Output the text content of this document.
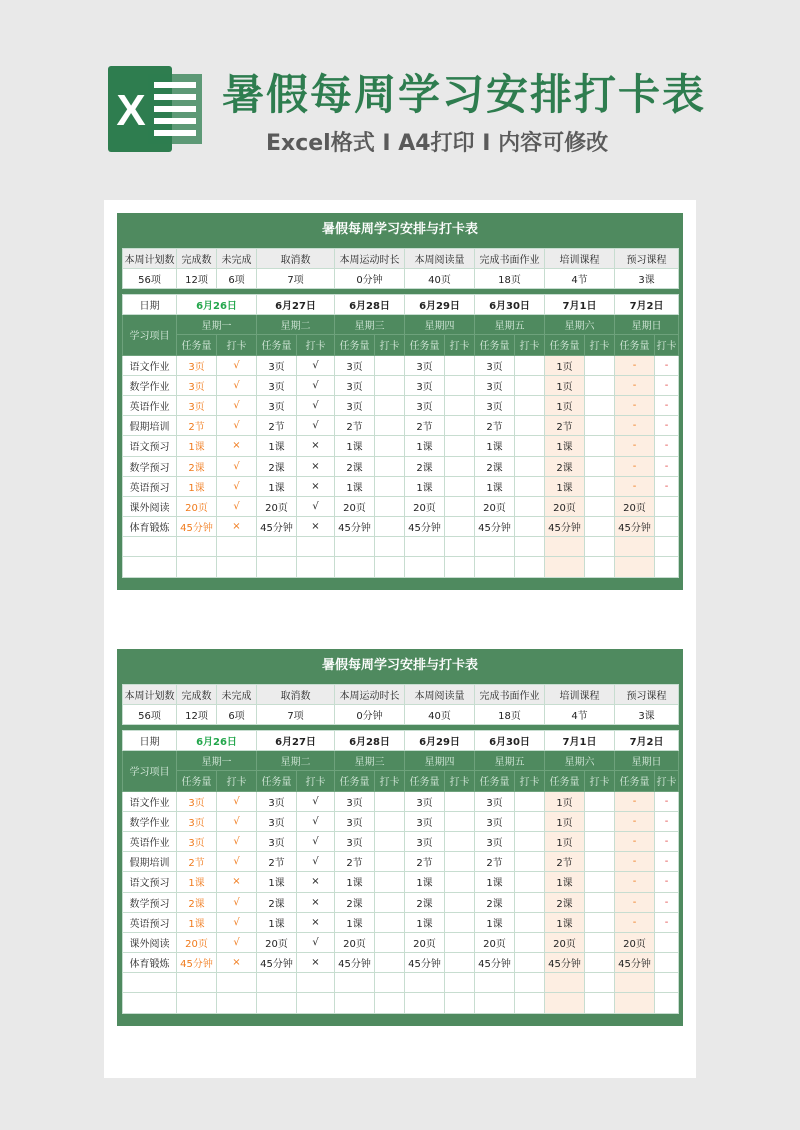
X 暑假每周学习安排打卡表
Excel格式 I A4打印 I 内容可修改
暑假每周学习安排与打卡表
本周计划数	完成数	未完成	取消数	本周运动时长	本周阅读量	完成书面作业	培训课程	预习课程
56项	12项	6项	7项	0分钟	40页	18页	4节	3课
日期	6月26日		6月27日		6月28日		6月29日		6月30日		7月1日		7月2日	
学习项目	星期一		星期二		星期三		星期四		星期五		星期六		星期日	
	任务量	打卡	任务量	打卡	任务量	打卡	任务量	打卡	任务量	打卡	任务量	打卡	任务量	打卡
语文作业	3页	√	3页	√	3页		3页		3页		1页		-	-
数学作业	3页	√	3页	√	3页		3页		3页		1页		-	-
英语作业	3页	√	3页	√	3页		3页		3页		1页		-	-
假期培训	2节	√	2节	√	2节		2节		2节		2节		-	-
语文预习	1课	×	1课	×	1课		1课		1课		1课		-	-
数学预习	2课	√	2课	×	2课		2课		2课		2课		-	-
英语预习	1课	√	1课	×	1课		1课		1课		1课		-	-
课外阅读	20页	√	20页	√	20页		20页		20页		20页		20页	
体育锻炼	45分钟	×	45分钟	×	45分钟		45分钟		45分钟		45分钟		45分钟	

暑假每周学习安排与打卡表
本周计划数	完成数	未完成	取消数	本周运动时长	本周阅读量	完成书面作业	培训课程	预习课程
56项	12项	6项	7项	0分钟	40页	18页	4节	3课
日期	6月26日		6月27日		6月28日		6月29日		6月30日		7月1日		7月2日	
学习项目	星期一		星期二		星期三		星期四		星期五		星期六		星期日	
	任务量	打卡	任务量	打卡	任务量	打卡	任务量	打卡	任务量	打卡	任务量	打卡	任务量	打卡
语文作业	3页	√	3页	√	3页		3页		3页		1页		-	-
数学作业	3页	√	3页	√	3页		3页		3页		1页		-	-
英语作业	3页	√	3页	√	3页		3页		3页		1页		-	-
假期培训	2节	√	2节	√	2节		2节		2节		2节		-	-
语文预习	1课	×	1课	×	1课		1课		1课		1课		-	-
数学预习	2课	√	2课	×	2课		2课		2课		2课		-	-
英语预习	1课	√	1课	×	1课		1课		1课		1课		-	-
课外阅读	20页	√	20页	√	20页		20页		20页		20页		20页	
体育锻炼	45分钟	×	45分钟	×	45分钟		45分钟		45分钟		45分钟		45分钟	
